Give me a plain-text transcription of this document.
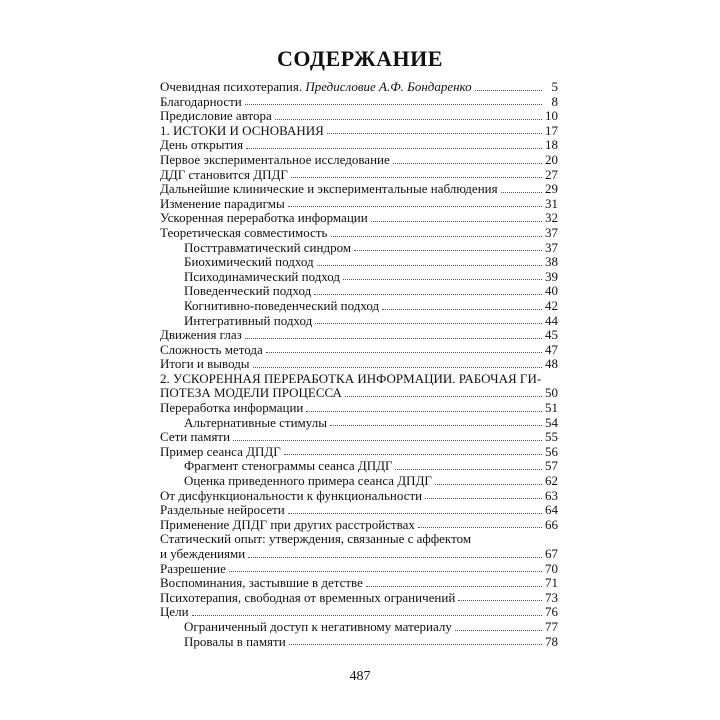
СОДЕРЖАНИЕ
Очевидная психотерапия. Предисловие А.Ф. Бондаренко	5
Благодарности	8
Предисловие автора	10
1. ИСТОКИ И ОСНОВАНИЯ	17
День открытия	18
Первое экспериментальное исследование	20
ДДГ становится ДПДГ	27
Дальнейшие клинические и экспериментальные наблюдения	29
Изменение парадигмы	31
Ускоренная переработка информации	32
Теоретическая совместимость	37
Посттравматический синдром	37
Биохимический подход	38
Психодинамический подход	39
Поведенческий подход	40
Когнитивно-поведенческий подход	42
Интегративный подход	44
Движения глаз	45
Сложность метода	47
Итоги и выводы	48
2. УСКОРЕННАЯ ПЕРЕРАБОТКА ИНФОРМАЦИИ. РАБОЧАЯ ГИ-
ПОТЕЗА МОДЕЛИ ПРОЦЕССА	50
Переработка информации	51
Альтернативные стимулы	54
Сети памяти	55
Пример сеанса ДПДГ	56
Фрагмент стенограммы сеанса ДПДГ	57
Оценка приведенного примера сеанса ДПДГ	62
От дисфункциональности к функциональности	63
Раздельные нейросети	64
Применение ДПДГ при других расстройствах	66
Статический опыт: утверждения, связанные с аффектом
и убеждениями	67
Разрешение	70
Воспоминания, застывшие в детстве	71
Психотерапия, свободная от временных ограничений	73
Цели	76
Ограниченный доступ к негативному материалу	77
Провалы в памяти	78
487
